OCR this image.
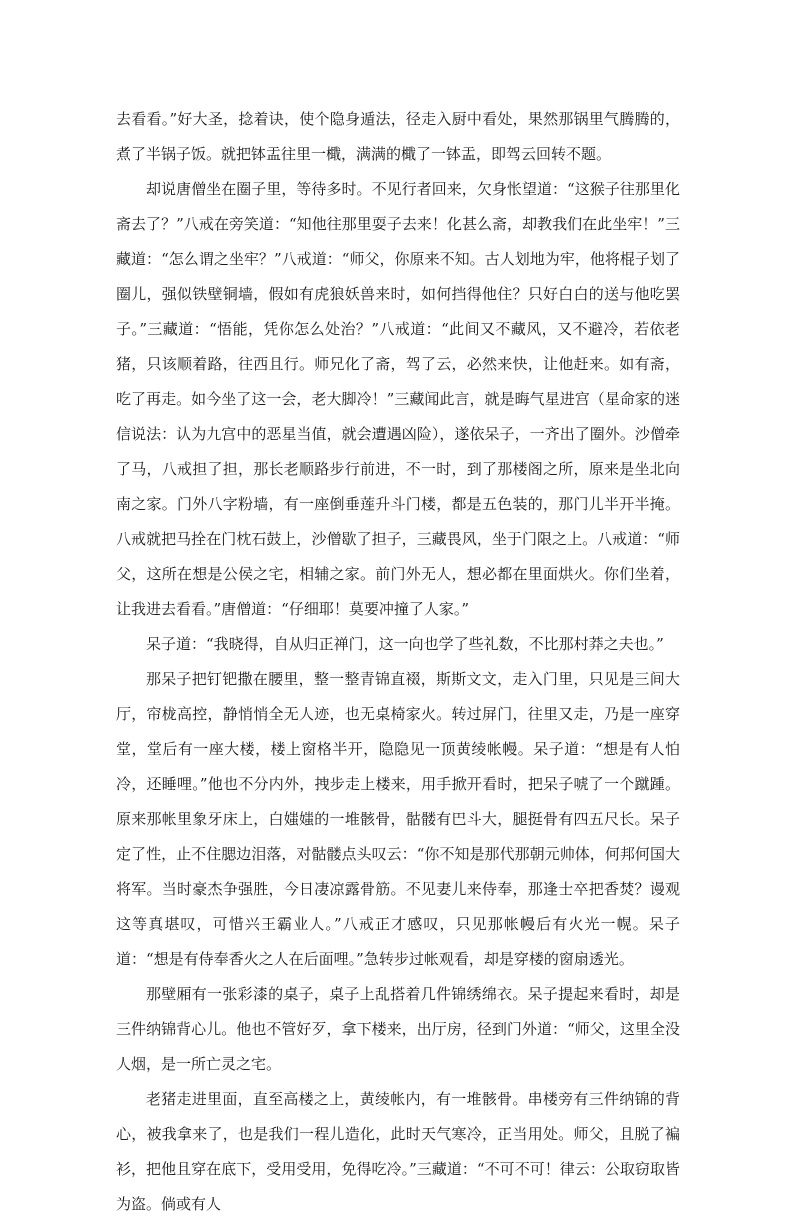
去看看。”好大圣，捻着诀，使个隐身遁法，径走入厨中看处，果然那锅里气腾腾的，煮了半锅子饭。就把钵盂往里一檝，满满的檝了一钵盂，即驾云回转不题。

却说唐僧坐在圈子里，等待多时。不见行者回来，欠身怅望道：“这猴子往那里化斋去了？”八戒在旁笑道：“知他往那里耍子去来！化甚么斋，却教我们在此坐牢！”三藏道：“怎么谓之坐牢？”八戒道：“师父，你原来不知。古人划地为牢，他将棍子划了圈儿，强似铁壁铜墙，假如有虎狼妖兽来时，如何挡得他住？只好白白的送与他吃罢子。”三藏道：“悟能，凭你怎么处治？”八戒道：“此间又不藏风，又不避冷，若依老猪，只该顺着路，往西且行。师兄化了斋，驾了云，必然来快，让他赶来。如有斋，吃了再走。如今坐了这一会，老大脚冷！”三藏闻此言，就是晦气星进宫（星命家的迷信说法：认为九宫中的恶星当值，就会遭遇凶险），遂依呆子，一齐出了圈外。沙僧牵了马，八戒担了担，那长老顺路步行前进，不一时，到了那楼阁之所，原来是坐北向南之家。门外八字粉墙，有一座倒垂莲升斗门楼，都是五色装的，那门儿半开半掩。八戒就把马拴在门枕石鼓上，沙僧歇了担子，三藏畏风，坐于门限之上。八戒道：“师父，这所在想是公侯之宅，相辅之家。前门外无人，想必都在里面烘火。你们坐着，让我进去看看。”唐僧道：“仔细耶！莫要冲撞了人家。”

呆子道：“我晓得，自从归正禅门，这一向也学了些礼数，不比那村莽之夫也。”

那呆子把钉钯撒在腰里，整一整青锦直裰，斯斯文文，走入门里，只见是三间大厅，帘栊高控，静悄悄全无人迹，也无桌椅家火。转过屏门，往里又走，乃是一座穿堂，堂后有一座大楼，楼上窗格半开，隐隐见一顶黄绫帐幔。呆子道：“想是有人怕冷，还睡哩。”他也不分内外，拽步走上楼来，用手掀开看时，把呆子唬了一个蹴踵。原来那帐里象牙床上，白媸媸的一堆骸骨，骷髅有巴斗大，腿挺骨有四五尺长。呆子定了性，止不住腮边泪落，对骷髅点头叹云：“你不知是那代那朝元帅体，何邦何国大将军。当时豪杰争强胜，今日凄凉露骨筋。不见妻儿来侍奉，那逢士卒把香焚？谩观这等真堪叹，可惜兴王霸业人。”八戒正才感叹，只见那帐幔后有火光一幌。呆子道：“想是有侍奉香火之人在后面哩。”急转步过帐观看，却是穿楼的窗扇透光。

那壁厢有一张彩漆的桌子，桌子上乱搭着几件锦绣绵衣。呆子提起来看时，却是三件纳锦背心儿。他也不管好歹，拿下楼来，出厅房，径到门外道：“师父，这里全没人烟，是一所亡灵之宅。

老猪走进里面，直至高楼之上，黄绫帐内，有一堆骸骨。串楼旁有三件纳锦的背心，被我拿来了，也是我们一程儿造化，此时天气寒冷，正当用处。师父，且脱了褊衫，把他且穿在底下，受用受用，免得吃冷。”三藏道：“不可不可！律云：公取窃取皆为盗。倘或有人
